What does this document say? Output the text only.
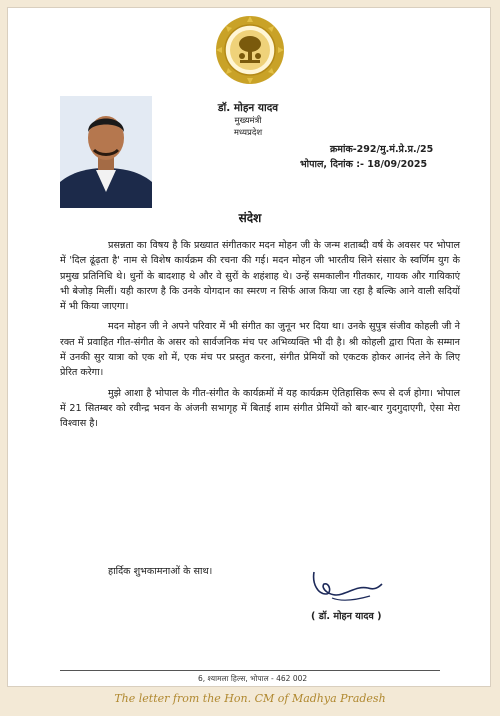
डॉ. मोहन यादव
मुख्यमंत्री
मध्यप्रदेश
क्रमांक-292/मु.मं.प्रे.प्र./25
भोपाल, दिनांक :- 18/09/2025
संदेश

प्रसन्नता का विषय है कि प्रख्यात संगीतकार मदन मोहन जी के जन्म शताब्दी वर्ष के अवसर पर भोपाल में 'दिल ढूंढ़ता है' नाम से विशेष कार्यक्रम की रचना की गई। मदन मोहन जी भारतीय सिने संसार के स्वर्णिम युग के प्रमुख प्रतिनिधि थे। धुनों के बादशाह थे और वे सुरों के शहंशाह थे। उन्हें समकालीन गीतकार, गायक और गायिकाएं भी बेजोड़ मिलीं। यही कारण है कि उनके योगदान का स्मरण न सिर्फ आज किया जा रहा है बल्कि आने वाली सदियों में भी किया जाएगा।

मदन मोहन जी ने अपने परिवार में भी संगीत का जुनून भर दिया था। उनके सुपुत्र संजीव कोहली जी ने रक्त में प्रवाहित गीत-संगीत के असर को सार्वजनिक मंच पर अभिव्यक्ति भी दी है। श्री कोहली द्वारा पिता के सम्मान में उनकी सुर यात्रा को एक शो में, एक मंच पर प्रस्तुत करना, संगीत प्रेमियों को एकटक होकर आनंद लेने के लिए प्रेरित करेगा।

मुझे आशा है भोपाल के गीत-संगीत के कार्यक्रमों में यह कार्यक्रम ऐतिहासिक रूप से दर्ज होगा। भोपाल में 21 सितम्बर को रवीन्द्र भवन के अंजनी सभागृह में बिताई शाम संगीत प्रेमियों को बार-बार गुदगुदाएगी, ऐसा मेरा विश्वास है।

हार्दिक शुभकामनाओं के साथ।
( डॉ. मोहन यादव )
6, श्यामला हिल्स, भोपाल - 462 002
The letter from the Hon. CM of Madhya Pradesh
